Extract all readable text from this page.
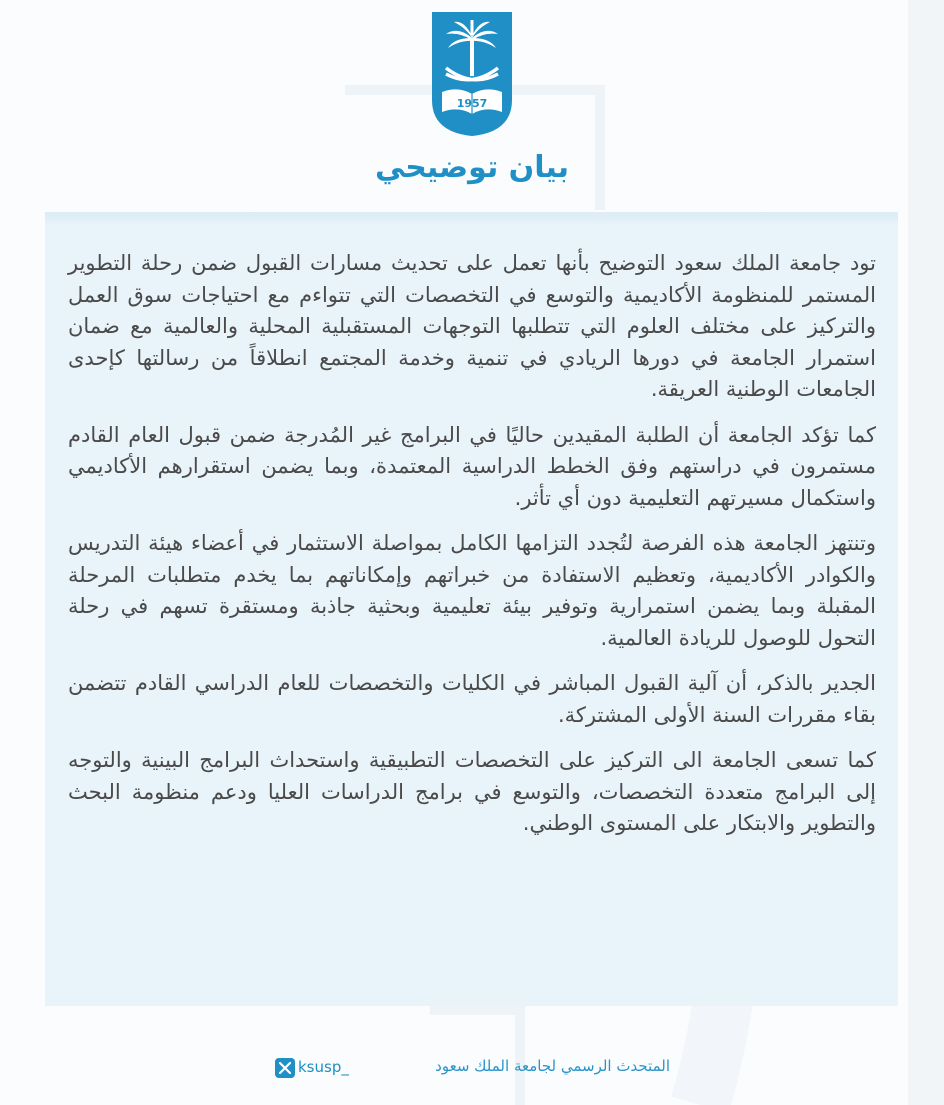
1957
بيان توضيحي

تود جامعة الملك سعود التوضيح بأنها تعمل على تحديث مسارات القبول ضمن رحلة التطوير المستمر للمنظومة الأكاديمية والتوسع في التخصصات التي تتواءم مع احتياجات سوق العمل والتركيز على مختلف العلوم التي تتطلبها التوجهات المستقبلية المحلية والعالمية مع ضمان استمرار الجامعة في دورها الريادي في تنمية وخدمة المجتمع انطلاقاً من رسالتها كإحدى الجامعات الوطنية العريقة.

كما تؤكد الجامعة أن الطلبة المقيدين حاليًا في البرامج غير المُدرجة ضمن قبول العام القادم مستمرون في دراستهم وفق الخطط الدراسية المعتمدة، وبما يضمن استقرارهم الأكاديمي واستكمال مسيرتهم التعليمية دون أي تأثر.

وتنتهز الجامعة هذه الفرصة لتُجدد التزامها الكامل بمواصلة الاستثمار في أعضاء هيئة التدريس والكوادر الأكاديمية، وتعظيم الاستفادة من خبراتهم وإمكاناتهم بما يخدم متطلبات المرحلة المقبلة وبما يضمن استمرارية وتوفير بيئة تعليمية وبحثية جاذبة ومستقرة تسهم في رحلة التحول للوصول للريادة العالمية.

الجدير بالذكر، أن آلية القبول المباشر في الكليات والتخصصات للعام الدراسي القادم تتضمن بقاء مقررات السنة الأولى المشتركة.

كما تسعى الجامعة الى التركيز على التخصصات التطبيقية واستحداث البرامج البينية والتوجه إلى البرامج متعددة التخصصات، والتوسع في برامج الدراسات العليا ودعم منظومة البحث والتطوير والابتكار على المستوى الوطني.

ksusp_	المتحدث الرسمي لجامعة الملك سعود
